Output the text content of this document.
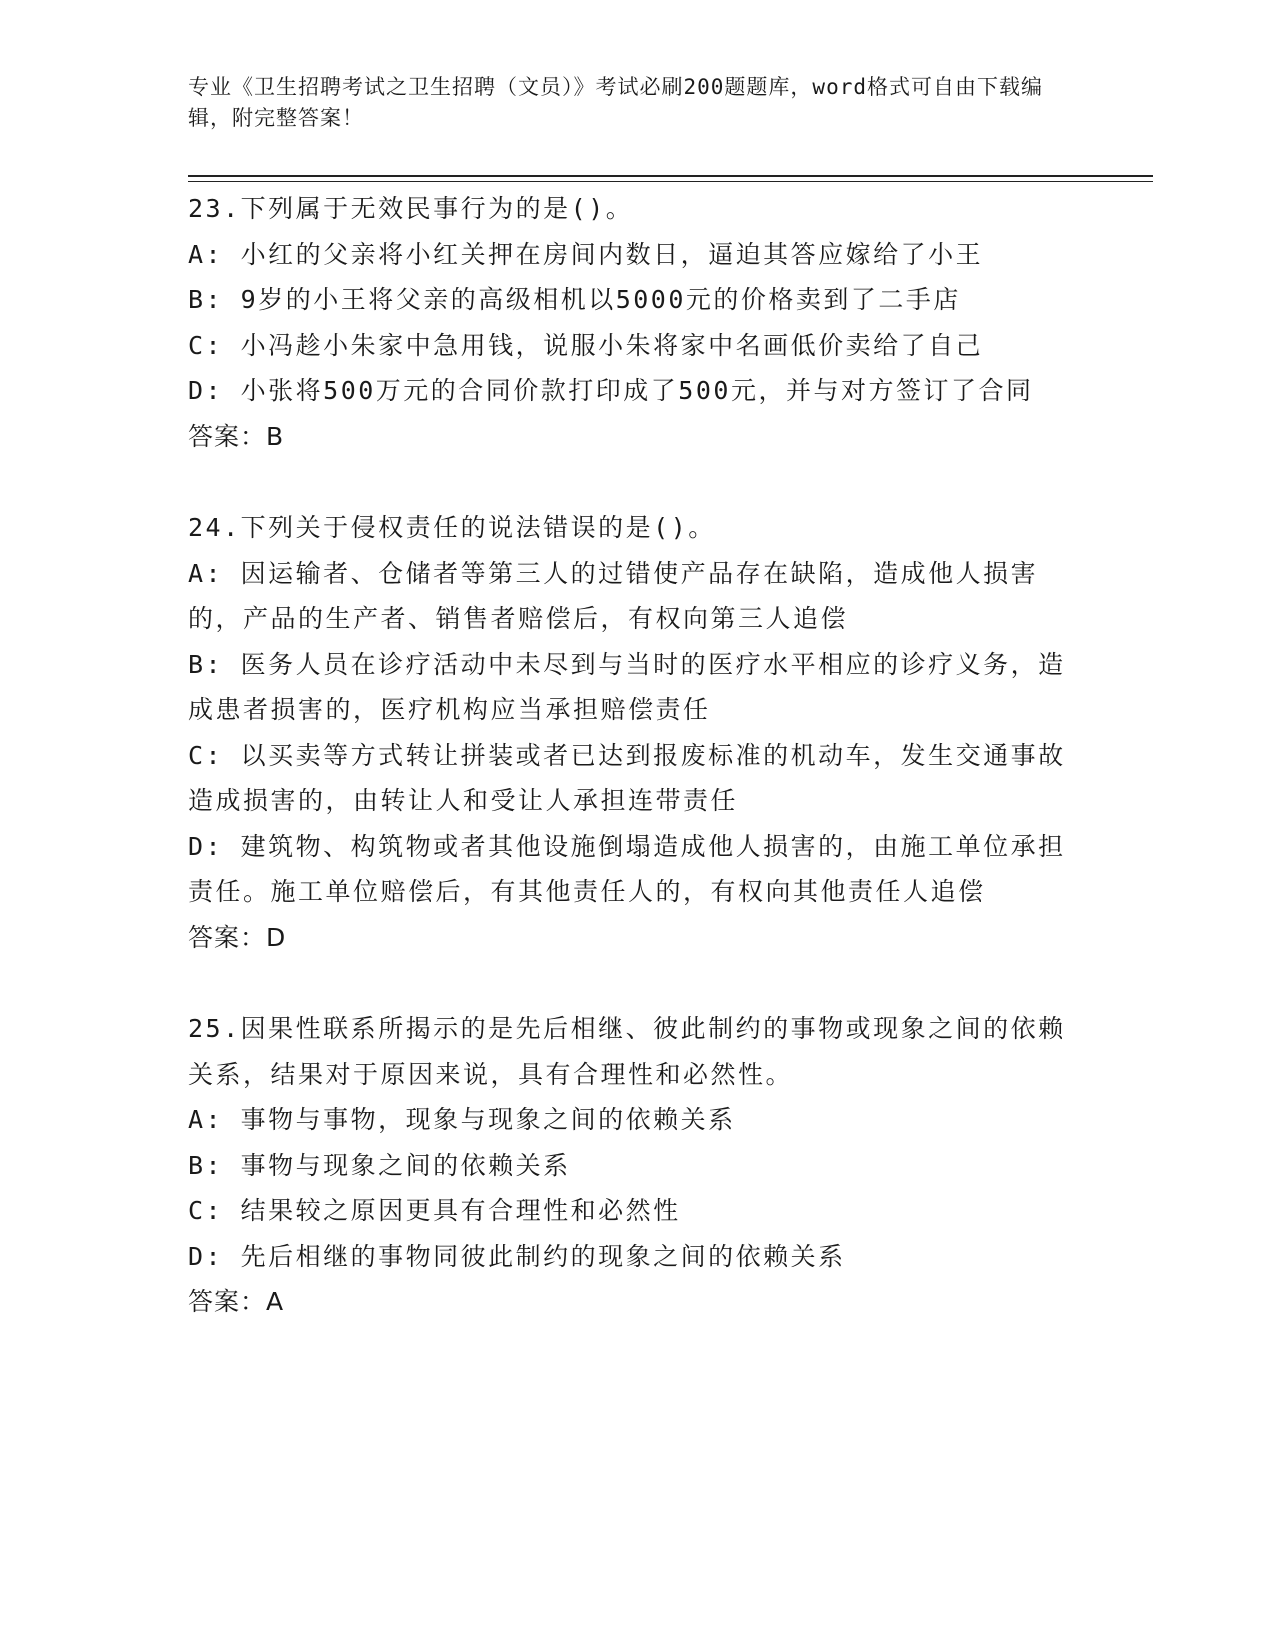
专业《卫生招聘考试之卫生招聘（文员）》考试必刷200题题库，word格式可自由下载编辑，附完整答案！
23.下列属于无效民事行为的是()。
A: 小红的父亲将小红关押在房间内数日，逼迫其答应嫁给了小王
B: 9岁的小王将父亲的高级相机以5000元的价格卖到了二手店
C: 小冯趁小朱家中急用钱，说服小朱将家中名画低价卖给了自己
D: 小张将500万元的合同价款打印成了500元，并与对方签订了合同
答案：B
24.下列关于侵权责任的说法错误的是()。
A: 因运输者、仓储者等第三人的过错使产品存在缺陷，造成他人损害的，产品的生产者、销售者赔偿后，有权向第三人追偿
B: 医务人员在诊疗活动中未尽到与当时的医疗水平相应的诊疗义务，造成患者损害的，医疗机构应当承担赔偿责任
C: 以买卖等方式转让拼装或者已达到报废标准的机动车，发生交通事故造成损害的，由转让人和受让人承担连带责任
D: 建筑物、构筑物或者其他设施倒塌造成他人损害的，由施工单位承担责任。施工单位赔偿后，有其他责任人的，有权向其他责任人追偿
答案：D
25.因果性联系所揭示的是先后相继、彼此制约的事物或现象之间的依赖关系，结果对于原因来说，具有合理性和必然性。
A: 事物与事物，现象与现象之间的依赖关系
B: 事物与现象之间的依赖关系
C: 结果较之原因更具有合理性和必然性
D: 先后相继的事物同彼此制约的现象之间的依赖关系
答案：A
